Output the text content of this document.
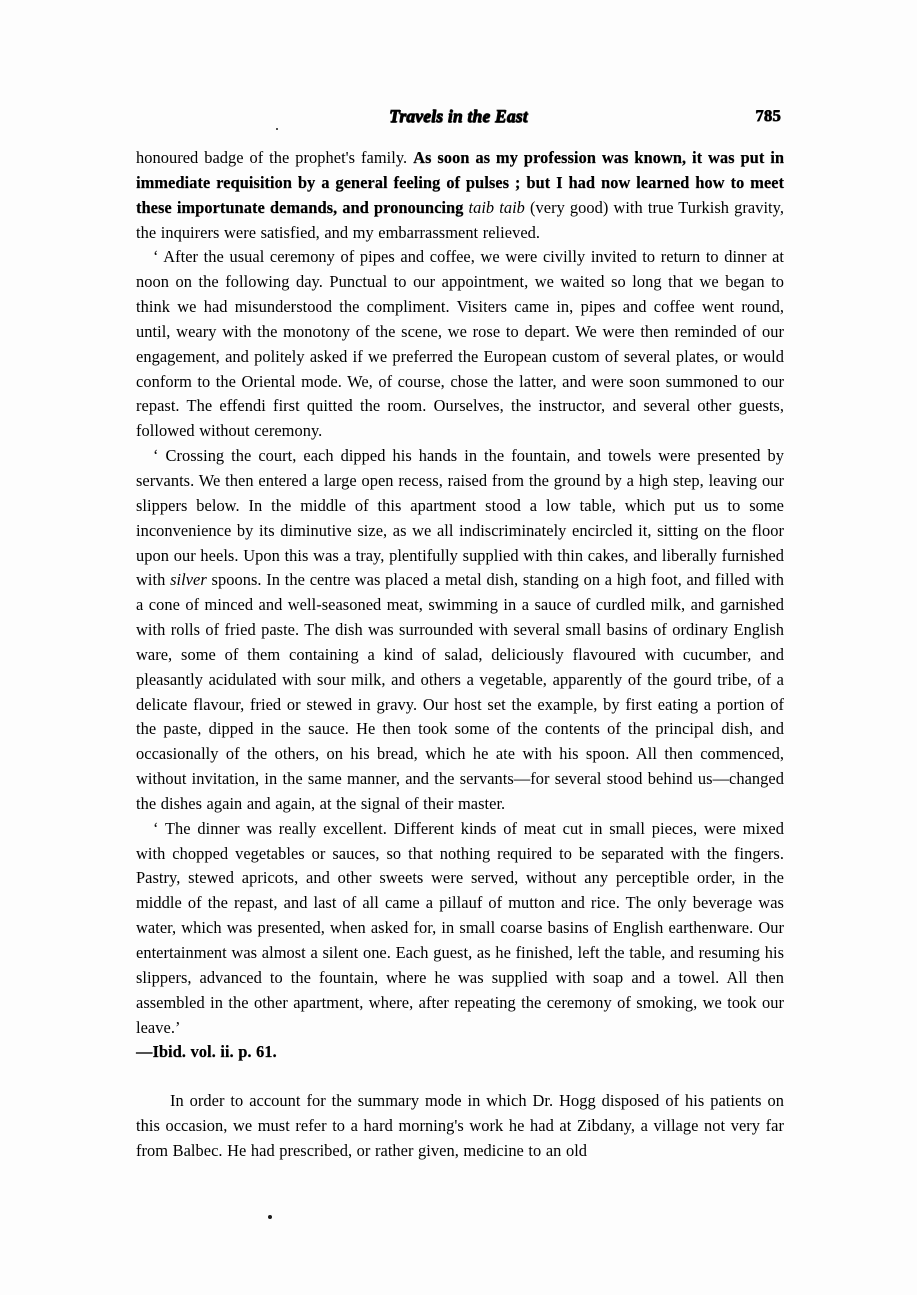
Travels in the East	785

honoured badge of the prophet's family. As soon as my profession was known, it was put in immediate requisition by a general feeling of pulses ; but I had now learned how to meet these importunate demands, and pronouncing taib taib (very good) with true Turkish gravity, the inquirers were satisfied, and my embarrassment relieved.

‘ After the usual ceremony of pipes and coffee, we were civilly invited to return to dinner at noon on the following day. Punctual to our appointment, we waited so long that we began to think we had misunderstood the compliment. Visiters came in, pipes and coffee went round, until, weary with the monotony of the scene, we rose to depart. We were then reminded of our engagement, and politely asked if we preferred the European custom of several plates, or would conform to the Oriental mode. We, of course, chose the latter, and were soon summoned to our repast. The effendi first quitted the room. Ourselves, the instructor, and several other guests, followed without ceremony.

‘ Crossing the court, each dipped his hands in the fountain, and towels were presented by servants. We then entered a large open recess, raised from the ground by a high step, leaving our slippers below. In the middle of this apartment stood a low table, which put us to some inconvenience by its diminutive size, as we all indiscriminately encircled it, sitting on the floor upon our heels. Upon this was a tray, plentifully supplied with thin cakes, and liberally furnished with silver spoons. In the centre was placed a metal dish, standing on a high foot, and filled with a cone of minced and well-seasoned meat, swimming in a sauce of curdled milk, and garnished with rolls of fried paste. The dish was surrounded with several small basins of ordinary English ware, some of them containing a kind of salad, deliciously flavoured with cucumber, and pleasantly acidulated with sour milk, and others a vegetable, apparently of the gourd tribe, of a delicate flavour, fried or stewed in gravy. Our host set the example, by first eating a portion of the paste, dipped in the sauce. He then took some of the contents of the principal dish, and occasionally of the others, on his bread, which he ate with his spoon. All then commenced, without invitation, in the same manner, and the servants—for several stood behind us—changed the dishes again and again, at the signal of their master.

‘ The dinner was really excellent. Different kinds of meat cut in small pieces, were mixed with chopped vegetables or sauces, so that nothing required to be separated with the fingers. Pastry, stewed apricots, and other sweets were served, without any perceptible order, in the middle of the repast, and last of all came a pillauf of mutton and rice. The only beverage was water, which was presented, when asked for, in small coarse basins of English earthenware. Our entertainment was almost a silent one. Each guest, as he finished, left the table, and resuming his slippers, advanced to the fountain, where he was supplied with soap and a towel. All then assembled in the other apartment, where, after repeating the ceremony of smoking, we took our leave.’

—Ibid. vol. ii. p. 61.

In order to account for the summary mode in which Dr. Hogg disposed of his patients on this occasion, we must refer to a hard morning's work he had at Zibdany, a village not very far from Balbec. He had prescribed, or rather given, medicine to an old
